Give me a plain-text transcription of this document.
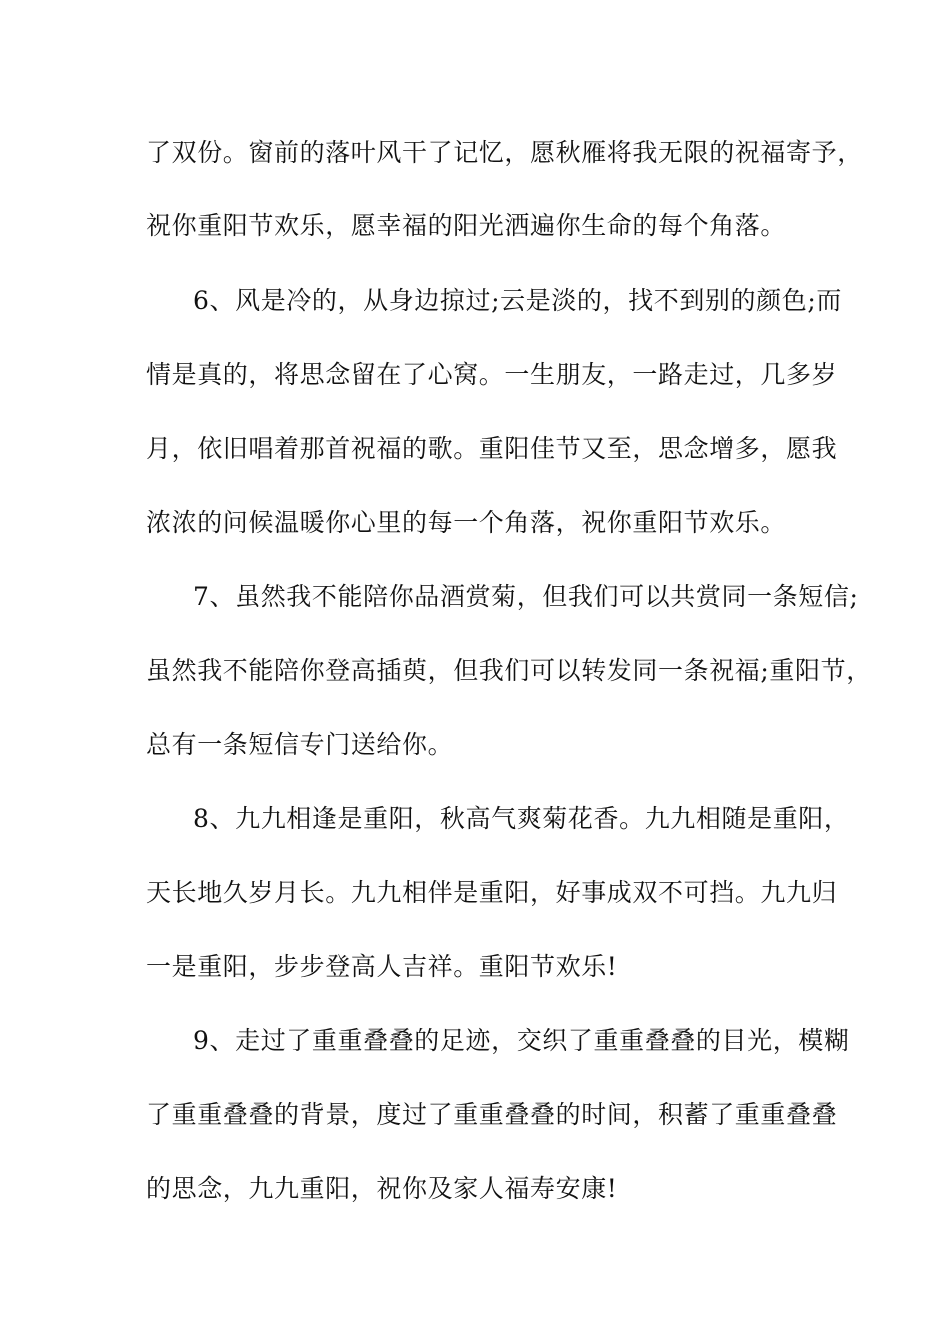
了双份。窗前的落叶风干了记忆，愿秋雁将我无限的祝福寄予，
祝你重阳节欢乐，愿幸福的阳光洒遍你生命的每个角落。
6、风是冷的，从身边掠过;云是淡的，找不到别的颜色;而
情是真的，将思念留在了心窝。一生朋友，一路走过，几多岁
月，依旧唱着那首祝福的歌。重阳佳节又至，思念增多，愿我
浓浓的问候温暖你心里的每一个角落，祝你重阳节欢乐。
7、虽然我不能陪你品酒赏菊，但我们可以共赏同一条短信;
虽然我不能陪你登高插萸，但我们可以转发同一条祝福;重阳节，
总有一条短信专门送给你。
8、九九相逢是重阳，秋高气爽菊花香。九九相随是重阳，
天长地久岁月长。九九相伴是重阳，好事成双不可挡。九九归
一是重阳，步步登高人吉祥。重阳节欢乐!
9、走过了重重叠叠的足迹，交织了重重叠叠的目光，模糊
了重重叠叠的背景，度过了重重叠叠的时间，积蓄了重重叠叠
的思念，九九重阳，祝你及家人福寿安康!
